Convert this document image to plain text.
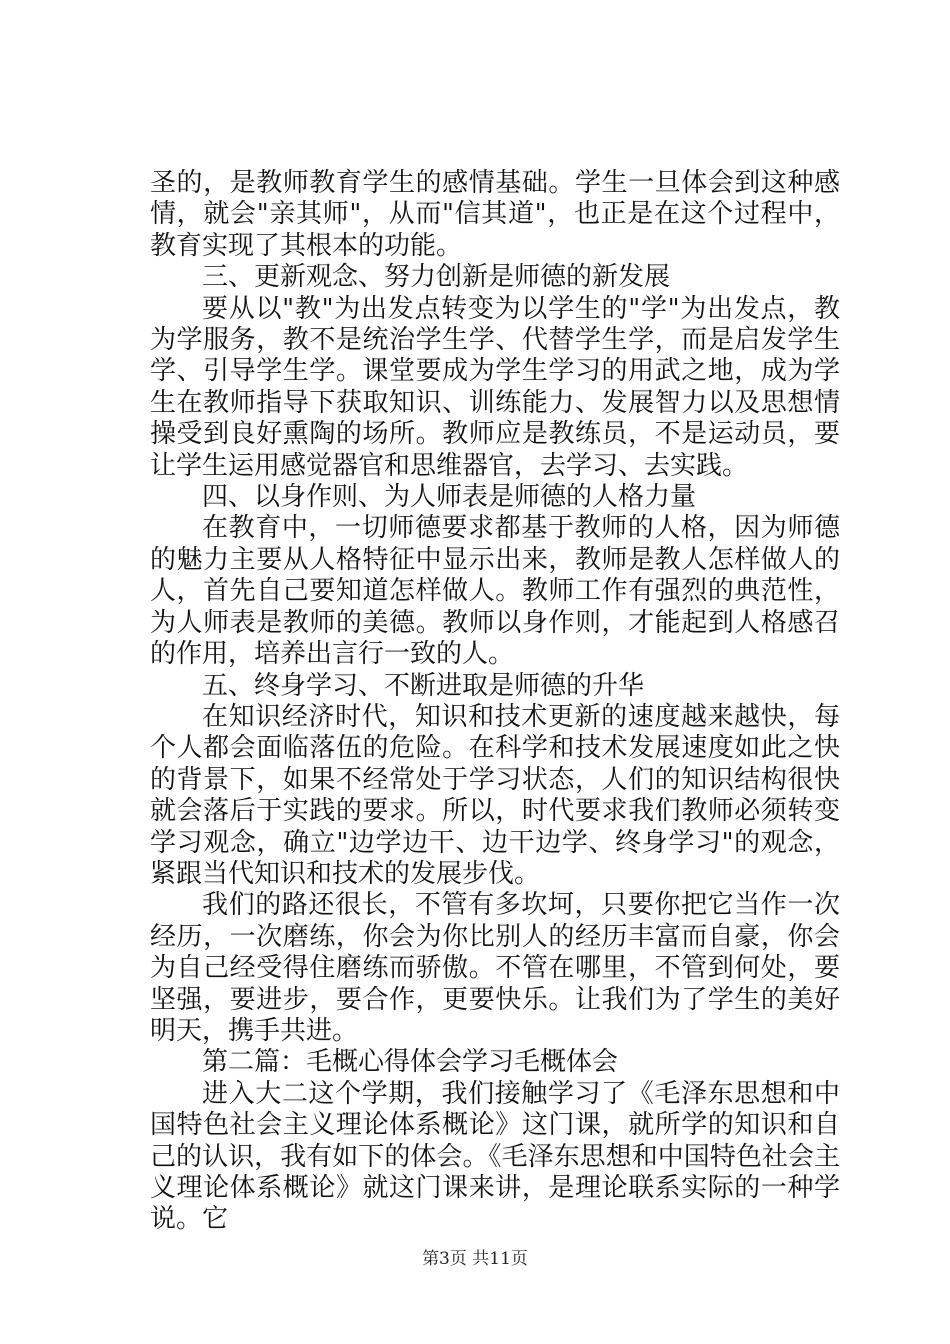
圣的，是教师教育学生的感情基础。学生一旦体会到这种感情，就会"亲其师"，从而"信其道"，也正是在这个过程中，教育实现了其根本的功能。

三、更新观念、努力创新是师德的新发展

要从以"教"为出发点转变为以学生的"学"为出发点，教为学服务，教不是统治学生学、代替学生学，而是启发学生学、引导学生学。课堂要成为学生学习的用武之地，成为学生在教师指导下获取知识、训练能力、发展智力以及思想情操受到良好熏陶的场所。教师应是教练员，不是运动员，要让学生运用感觉器官和思维器官，去学习、去实践。

四、以身作则、为人师表是师德的人格力量

在教育中，一切师德要求都基于教师的人格，因为师德的魅力主要从人格特征中显示出来，教师是教人怎样做人的人，首先自己要知道怎样做人。教师工作有强烈的典范性，为人师表是教师的美德。教师以身作则，才能起到人格感召的作用，培养出言行一致的人。

五、终身学习、不断进取是师德的升华

在知识经济时代，知识和技术更新的速度越来越快，每个人都会面临落伍的危险。在科学和技术发展速度如此之快的背景下，如果不经常处于学习状态，人们的知识结构很快就会落后于实践的要求。所以，时代要求我们教师必须转变学习观念，确立"边学边干、边干边学、终身学习"的观念，紧跟当代知识和技术的发展步伐。

我们的路还很长，不管有多坎坷，只要你把它当作一次经历，一次磨练，你会为你比别人的经历丰富而自豪，你会为自己经受得住磨练而骄傲。不管在哪里，不管到何处，要坚强，要进步，要合作，更要快乐。让我们为了学生的美好明天，携手共进。

第二篇：毛概心得体会学习毛概体会

进入大二这个学期，我们接触学习了《毛泽东思想和中国特色社会主义理论体系概论》这门课，就所学的知识和自己的认识，我有如下的体会。《毛泽东思想和中国特色社会主义理论体系概论》就这门课来讲，是理论联系实际的一种学说。它

第3页 共11页
